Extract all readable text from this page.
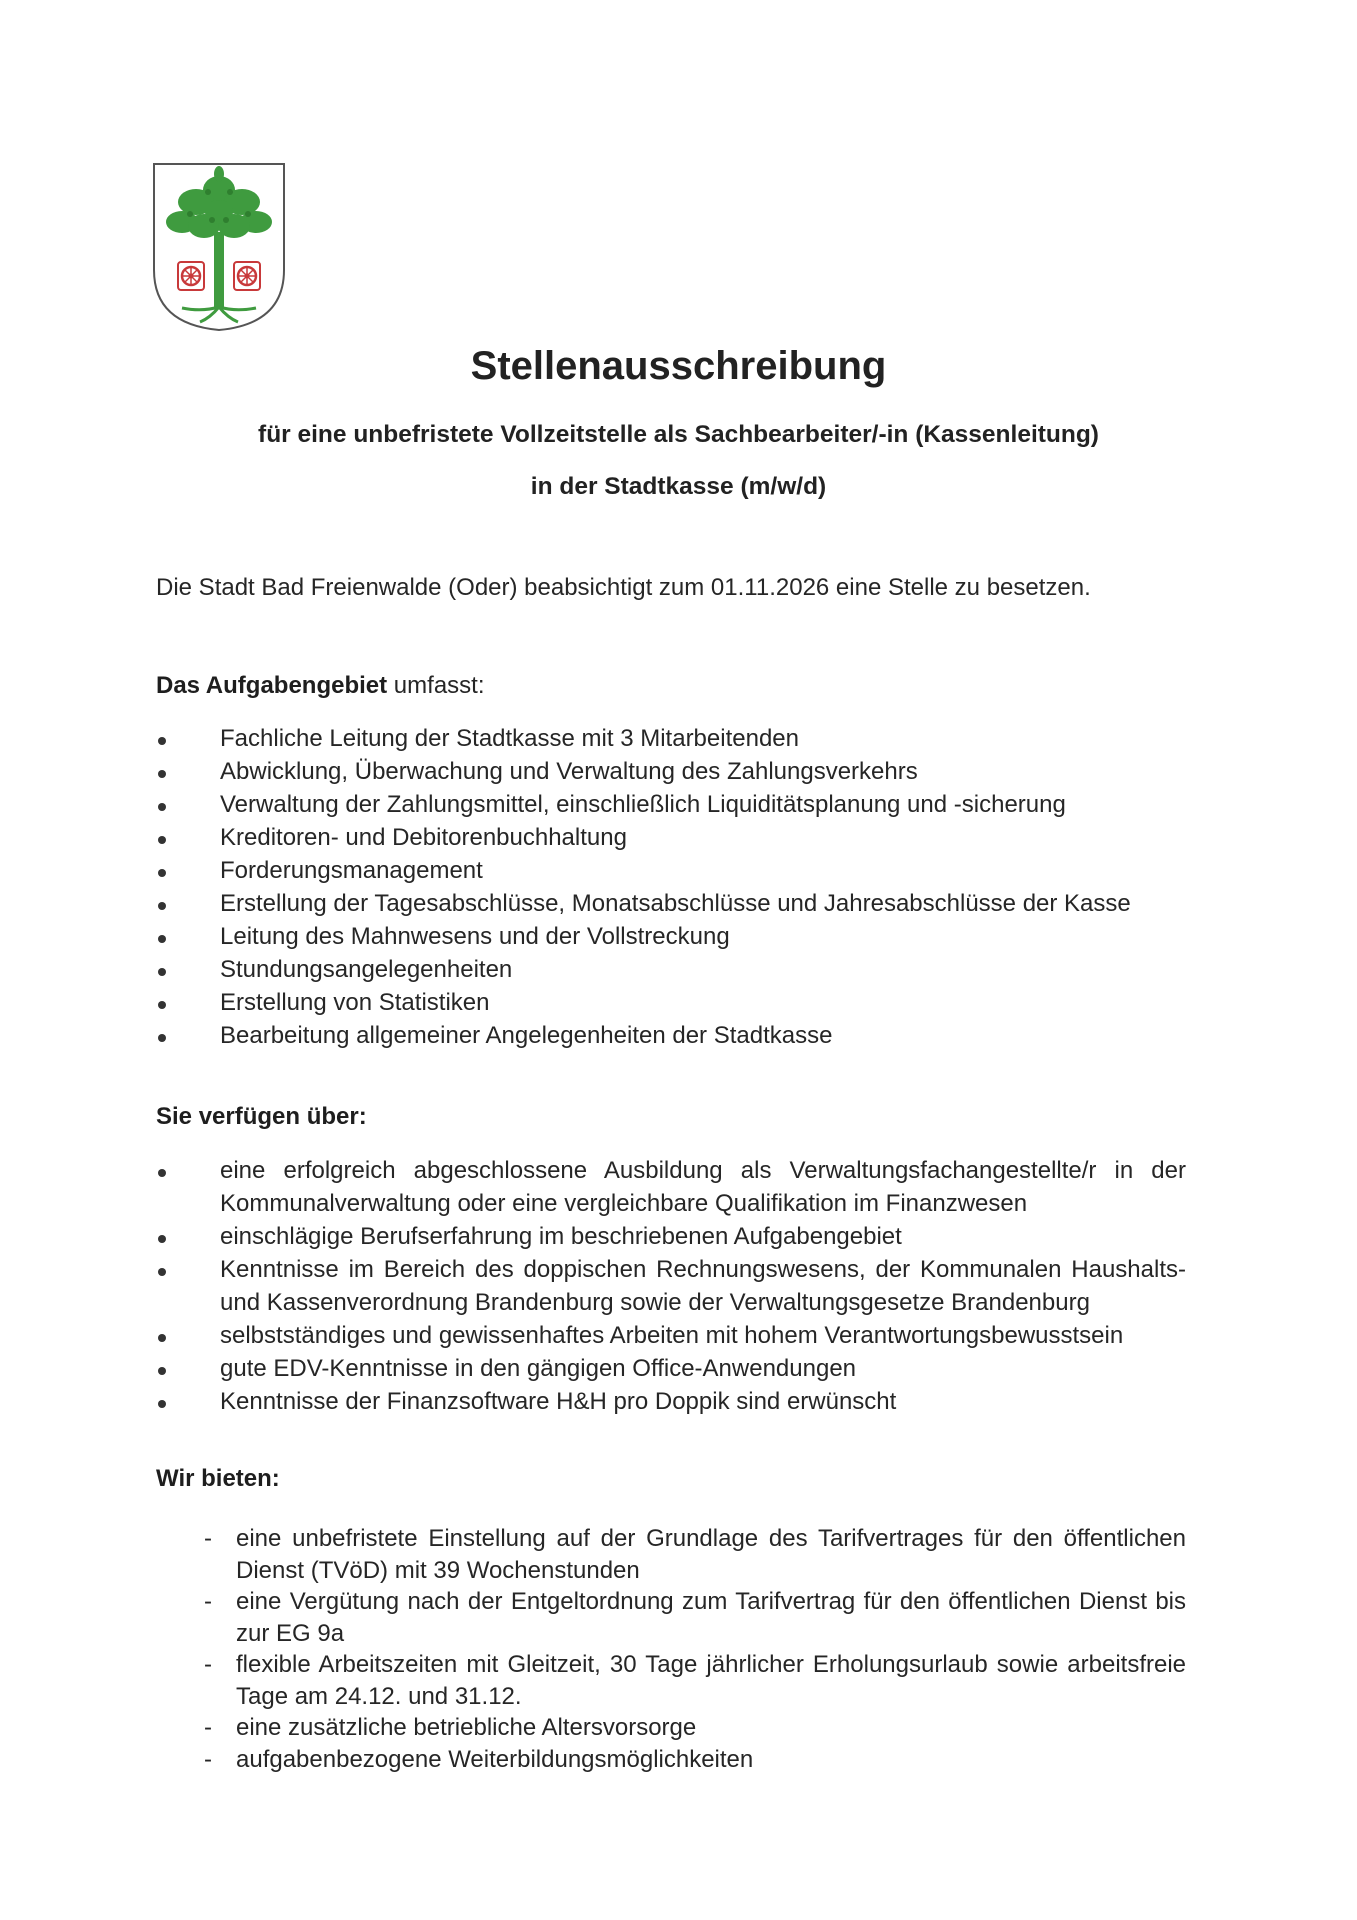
Stellenausschreibung
für eine unbefristete Vollzeitstelle als Sachbearbeiter/-in (Kassenleitung)
in der Stadtkasse (m/w/d)
Die Stadt Bad Freienwalde (Oder) beabsichtigt zum 01.11.2026 eine Stelle zu besetzen.
Das Aufgabengebiet umfasst:
Fachliche Leitung der Stadtkasse mit 3 Mitarbeitenden
Abwicklung, Überwachung und Verwaltung des Zahlungsverkehrs
Verwaltung der Zahlungsmittel, einschließlich Liquiditätsplanung und -sicherung
Kreditoren- und Debitorenbuchhaltung
Forderungsmanagement
Erstellung der Tagesabschlüsse, Monatsabschlüsse und Jahresabschlüsse der Kasse
Leitung des Mahnwesens und der Vollstreckung
Stundungsangelegenheiten
Erstellung von Statistiken
Bearbeitung allgemeiner Angelegenheiten der Stadtkasse
Sie verfügen über:
eine erfolgreich abgeschlossene Ausbildung als Verwaltungsfachangestellte/r in der Kommunalverwaltung oder eine vergleichbare Qualifikation im Finanzwesen
einschlägige Berufserfahrung im beschriebenen Aufgabengebiet
Kenntnisse im Bereich des doppischen Rechnungswesens, der Kommunalen Haushalts- und Kassenverordnung Brandenburg sowie der Verwaltungsgesetze Brandenburg
selbstständiges und gewissenhaftes Arbeiten mit hohem Verantwortungsbewusstsein
gute EDV-Kenntnisse in den gängigen Office-Anwendungen
Kenntnisse der Finanzsoftware H&H pro Doppik sind erwünscht
Wir bieten:
- eine unbefristete Einstellung auf der Grundlage des Tarifvertrages für den öffentlichen Dienst (TVöD) mit 39 Wochenstunden
- eine Vergütung nach der Entgeltordnung zum Tarifvertrag für den öffentlichen Dienst bis zur EG 9a
- flexible Arbeitszeiten mit Gleitzeit, 30 Tage jährlicher Erholungsurlaub sowie arbeitsfreie Tage am 24.12. und 31.12.
- eine zusätzliche betriebliche Altersvorsorge
- aufgabenbezogene Weiterbildungsmöglichkeiten
